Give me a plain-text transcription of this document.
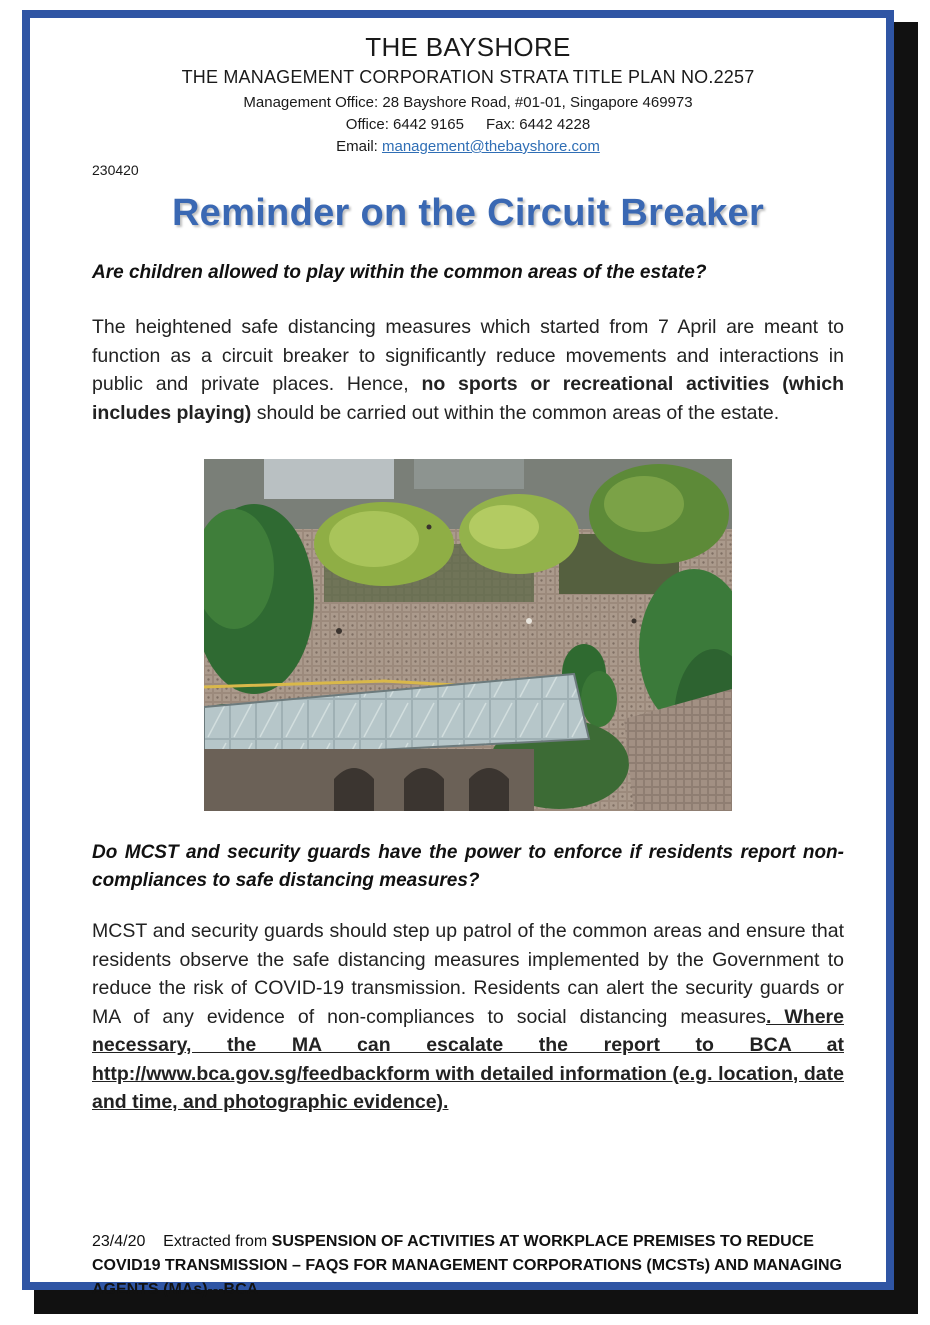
THE BAYSHORE
THE MANAGEMENT CORPORATION STRATA TITLE PLAN NO.2257
Management Office: 28 Bayshore Road, #01-01, Singapore 469973
Office: 6442 9165 Fax: 6442 4228
Email: management@thebayshore.com
230420
Reminder on the Circuit Breaker
Are children allowed to play within the common areas of the estate?
The heightened safe distancing measures which started from 7 April are meant to function as a circuit breaker to significantly reduce movements and interactions in public and private places. Hence, no sports or recreational activities (which includes playing) should be carried out within the common areas of the estate.
Do MCST and security guards have the power to enforce if residents report non-compliances to safe distancing measures?
MCST and security guards should step up patrol of the common areas and ensure that residents observe the safe distancing measures implemented by the Government to reduce the risk of COVID-19 transmission. Residents can alert the security guards or MA of any evidence of non-compliances to social distancing measures. Where necessary, the MA can escalate the report to BCA at http://www.bca.gov.sg/feedbackform with detailed information (e.g. location, date and time, and photographic evidence).
23/4/20 Extracted from SUSPENSION OF ACTIVITIES AT WORKPLACE PREMISES TO REDUCE COVID19 TRANSMISSION – FAQS FOR MANAGEMENT CORPORATIONS (MCSTs) AND MANAGING AGENTS (MAs)---BCA
